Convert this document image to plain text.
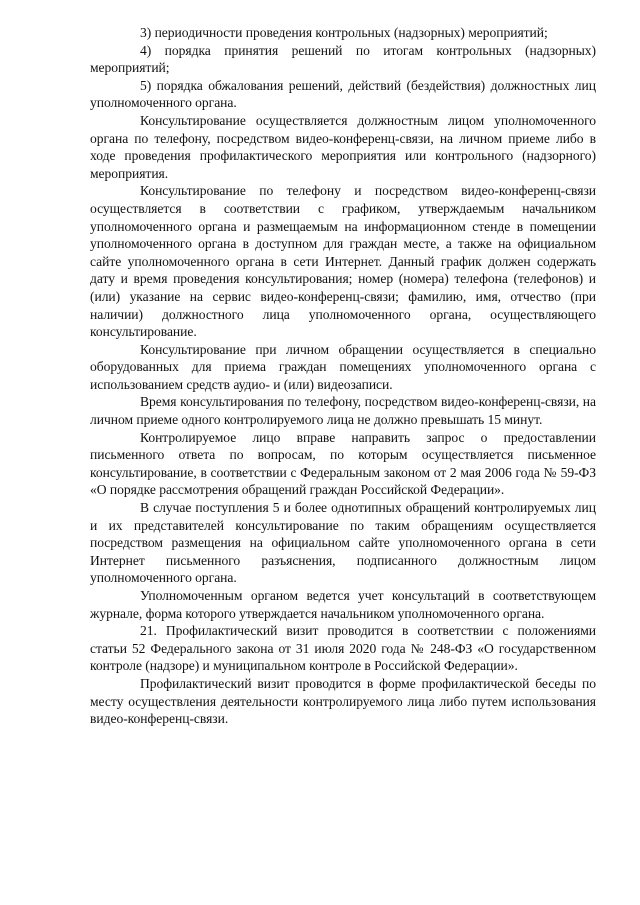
3) периодичности проведения контрольных (надзорных) мероприятий;

4) порядка принятия решений по итогам контрольных (надзорных) мероприятий;

5) порядка обжалования решений, действий (бездействия) должностных лиц уполномоченного органа.

Консультирование осуществляется должностным лицом уполномоченного органа по телефону, посредством видео-конференц-связи, на личном приеме либо в ходе проведения профилактического мероприятия или контрольного (надзорного) мероприятия.

Консультирование по телефону и посредством видео-конференц-связи осуществляется в соответствии с графиком, утверждаемым начальником уполномоченного органа и размещаемым на информационном стенде в помещении уполномоченного органа в доступном для граждан месте, а также на официальном сайте уполномоченного органа в сети Интернет. Данный график должен содержать дату и время проведения консультирования; номер (номера) телефона (телефонов) и (или) указание на сервис видео-конференц-связи; фамилию, имя, отчество (при наличии) должностного лица уполномоченного органа, осуществляющего консультирование.

Консультирование при личном обращении осуществляется в специально оборудованных для приема граждан помещениях уполномоченного органа с использованием средств аудио- и (или) видеозаписи.

Время консультирования по телефону, посредством видео-конференц-связи, на личном приеме одного контролируемого лица не должно превышать 15 минут.

Контролируемое лицо вправе направить запрос о предоставлении письменного ответа по вопросам, по которым осуществляется письменное консультирование, в соответствии с Федеральным законом от 2 мая 2006 года № 59-ФЗ «О порядке рассмотрения обращений граждан Российской Федерации».

В случае поступления 5 и более однотипных обращений контролируемых лиц и их представителей консультирование по таким обращениям осуществляется посредством размещения на официальном сайте уполномоченного органа в сети Интернет письменного разъяснения, подписанного должностным лицом уполномоченного органа.

Уполномоченным органом ведется учет консультаций в соответствующем журнале, форма которого утверждается начальником уполномоченного органа.

21. Профилактический визит проводится в соответствии с положениями статьи 52 Федерального закона от 31 июля 2020 года № 248-ФЗ «О государственном контроле (надзоре) и муниципальном контроле в Российской Федерации».

Профилактический визит проводится в форме профилактической беседы по месту осуществления деятельности контролируемого лица либо путем использования видео-конференц-связи.
